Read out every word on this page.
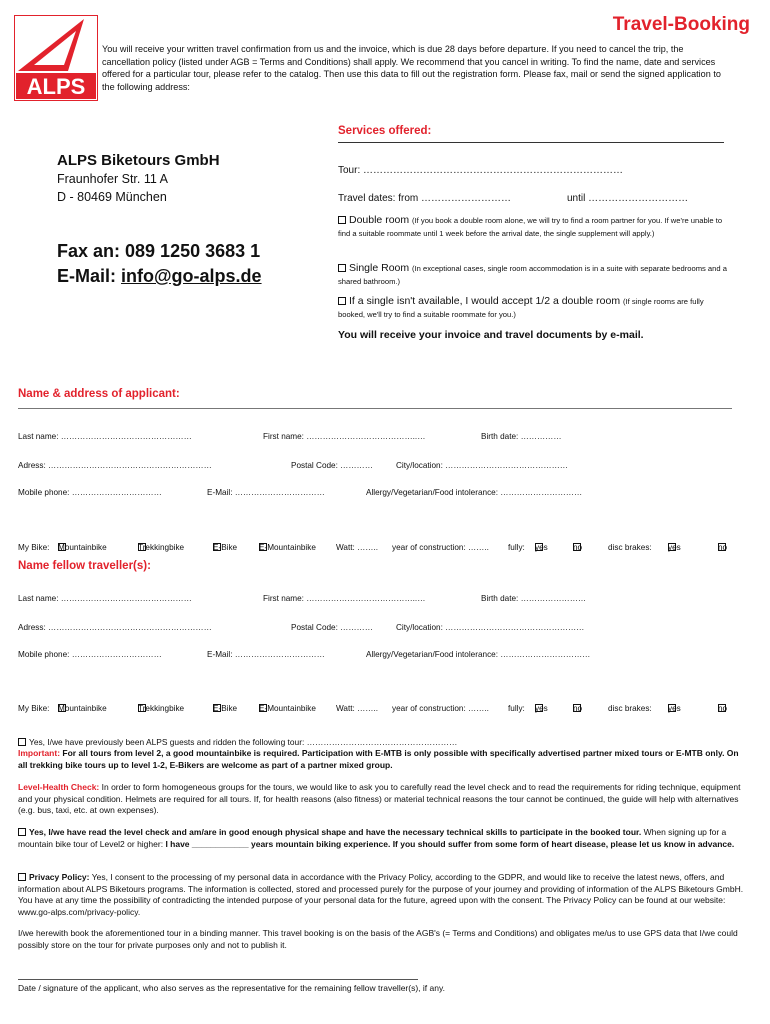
ALPS
Travel-Booking

You will receive your written travel confirmation from us and the invoice, which is due 28 days before departure. If you need to cancel the trip, the cancellation policy (listed under AGB = Terms and Conditions) shall apply. We recommend that you cancel in writing. To find the name, date and services offered for a particular tour, please refer to the catalog. Then use this data to fill out the registration form. Please fax, mail or send the signed application to the following address:

ALPS Biketours GmbH
Fraunhofer Str. 11 A
D - 80469 München
Fax an: 089 1250 3683 1
E-Mail: info@go-alps.de
Services offered:
Tour: ……………………………………………………………………
Travel dates: from ………………………	until …………………………
Double room (If you book a double room alone, we will try to find a room partner for you. If we're unable to find a suitable roommate until 1 week before the arrival date, the single supplement will apply.)
Single Room (In exceptional cases, single room accommodation is in a suite with separate bedrooms and a shared bathroom.)
If a single isn't available, I would accept 1/2 a double room (If single rooms are fully booked, we'll try to find a suitable roommate for you.)
You will receive your invoice and travel documents by e-mail.
Name & address of applicant:
Last name: …………………………………………	First name: …………………………………..…	Birth date: ……………
Adress: ……………………………………………………	Postal Code: …………	City/location: ………………………………………
Mobile phone: ……………………………	E-Mail: ……………………………	Allergy/Vegetarian/Food intolerance: …………………………
My Bike: Mountainbike	Trekkingbike	E-Bike	E-Mountainbike Watt: …….. year of construction: …….. fully: yes	no	disc brakes: yes	no
Name fellow traveller(s):
Last name: …………………………………………	First name: …………………………………..…	Birth date: ……………………
Adress: ……………………………………………………	Postal Code: …………	City/location: ……………………………………………
Mobile phone: ……………………………	E-Mail: ……………………………	Allergy/Vegetarian/Food intolerance: ……………………………
My Bike: Mountainbike	Trekkingbike	E-Bike	E-Mountainbike Watt: …….. year of construction: …….. fully: yes	no	disc brakes: yes	no
Yes, I/we have previously been ALPS guests and ridden the following tour: ………………………………………………

Important: For all tours from level 2, a good mountainbike is required. Participation with E-MTB is only possible with specifically advertised partner mixed tours or E-MTB only. On all trekking bike tours up to level 1-2, E-Bikers are welcome as part of a partner mixed group.

Level-Health Check: In order to form homogeneous groups for the tours, we would like to ask you to carefully read the level check and to read the requirements for riding technique, equipment and your physical condition. Helmets are required for all tours. If, for health reasons (also fitness) or material technical reasons the tour cannot be continued, the guide will help with alternatives (e.g. bus, taxi, etc. at own expenses).

Yes, I/we have read the level check and am/are in good enough physical shape and have the necessary technical skills to participate in the booked tour. When signing up for a mountain bike tour of Level2 or higher: I have ____________ years mountain biking experience. If you should suffer from some form of heart disease, please let us know in advance.

Privacy Policy: Yes, I consent to the processing of my personal data in accordance with the Privacy Policy, according to the GDPR, and would like to receive the latest news, offers, and information about ALPS Biketours programs. The information is collected, stored and processed purely for the purpose of your journey and providing of information of the ALPS Biketours GmbH. You have at any time the possibility of contradicting the intended purpose of your personal data for the future, agreed upon with the consent. The Privacy Policy can be found at our website: www.go-alps.com/privacy-policy.

I/we herewith book the aforementioned tour in a binding manner. This travel booking is on the basis of the AGB's (= Terms and Conditions) and obligates me/us to use GPS data that I/we could possibly store on the tour for private purposes only and not to publish it.

Date / signature of the applicant, who also serves as the representative for the remaining fellow traveller(s), if any.
